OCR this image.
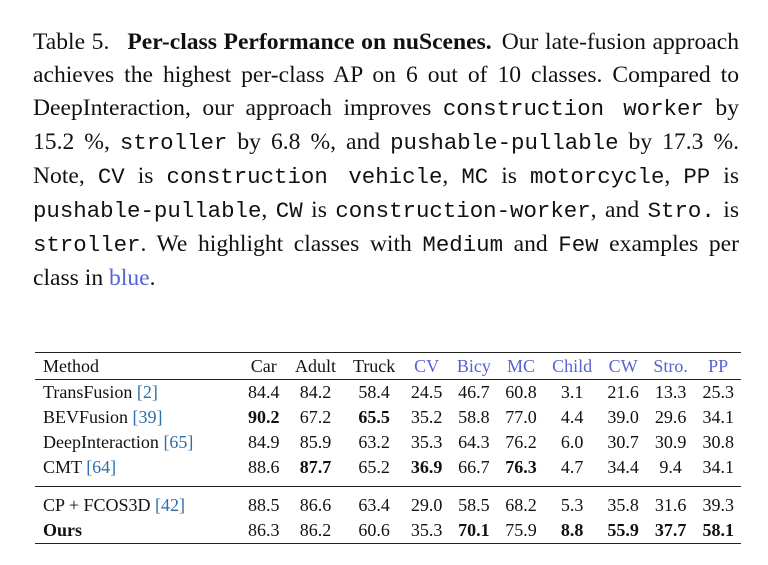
Table 5. Per-class Performance on nuScenes. Our late-fusion approach achieves the highest per-class AP on 6 out of 10 classes. Compared to DeepInteraction, our approach improves construction worker by 15.2 %, stroller by 6.8 %, and pushable-pullable by 17.3 %. Note, CV is construction vehicle, MC is motorcycle, PP is pushable-pullable, CW is construction-worker, and Stro. is stroller. We highlight classes with Medium and Few examples per class in blue.
Method	Car	Adult	Truck	CV	Bicy	MC	Child	CW	Stro.	PP
TransFusion [2]	84.4	84.2	58.4	24.5	46.7	60.8	3.1	21.6	13.3	25.3
BEVFusion [39]	90.2	67.2	65.5	35.2	58.8	77.0	4.4	39.0	29.6	34.1
DeepInteraction [65]	84.9	85.9	63.2	35.3	64.3	76.2	6.0	30.7	30.9	30.8
CMT [64]	88.6	87.7	65.2	36.9	66.7	76.3	4.7	34.4	9.4	34.1
CP + FCOS3D [42]	88.5	86.6	63.4	29.0	58.5	68.2	5.3	35.8	31.6	39.3
Ours	86.3	86.2	60.6	35.3	70.1	75.9	8.8	55.9	37.7	58.1
